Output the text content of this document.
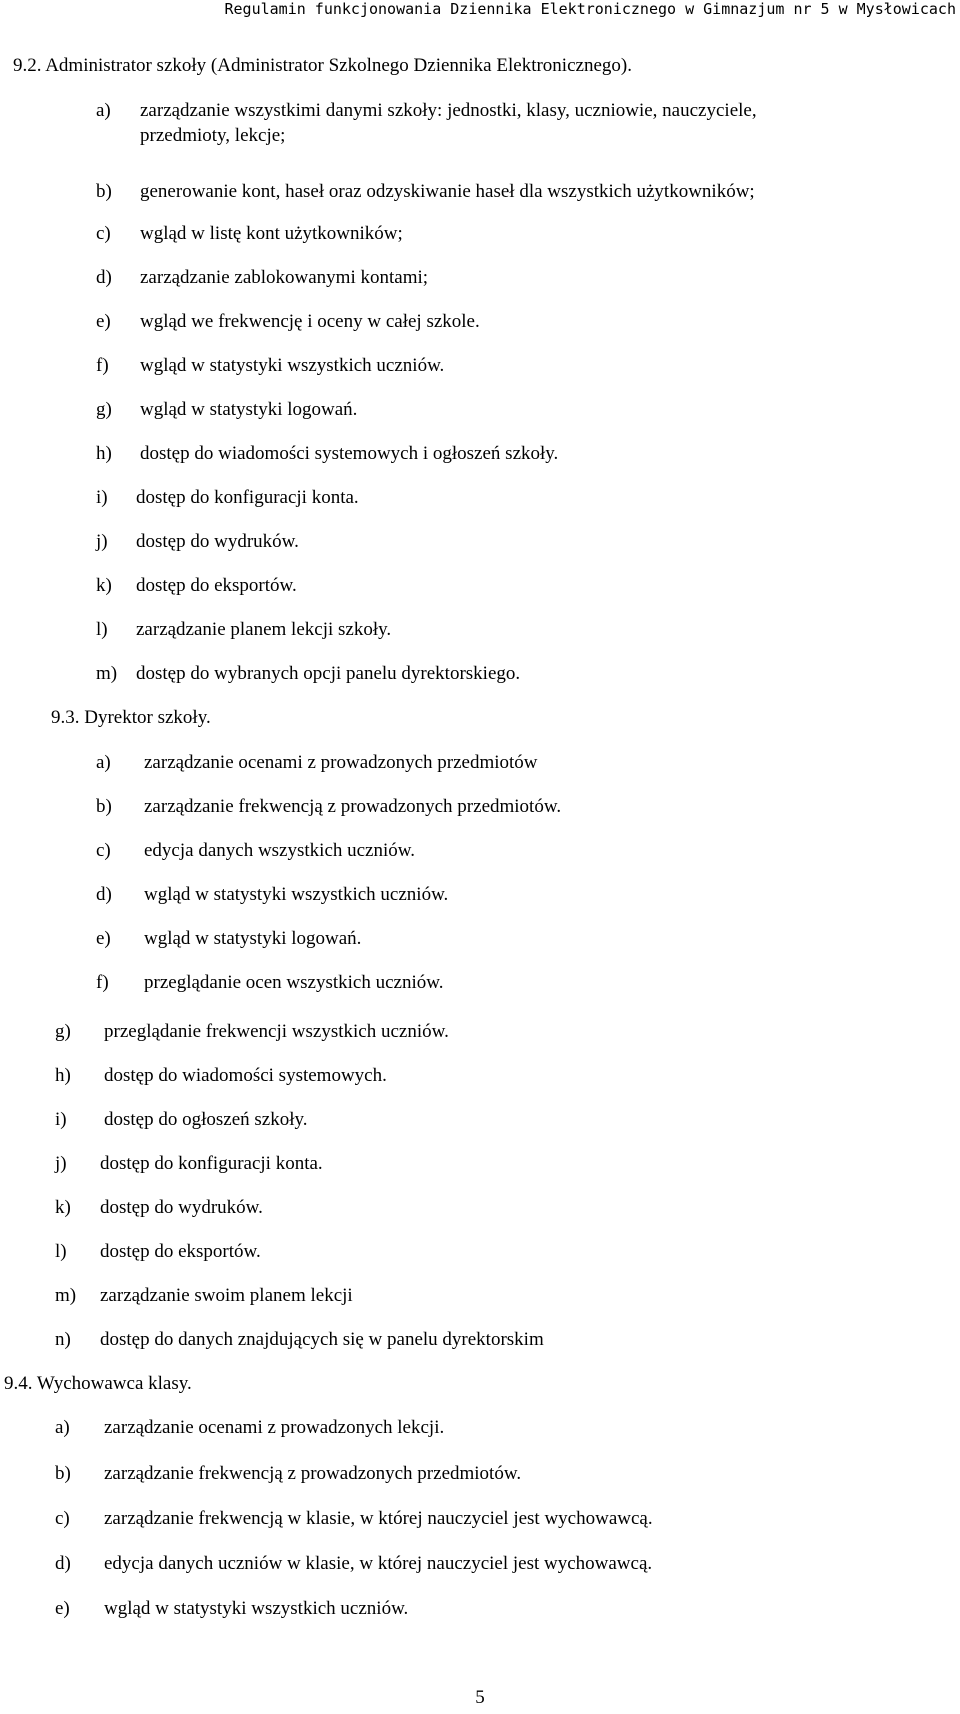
Regulamin funkcjonowania Dziennika Elektronicznego w Gimnazjum nr 5 w Mysłowicach
9.2. Administrator szkoły (Administrator Szkolnego Dziennika Elektronicznego).
a) zarządzanie wszystkimi danymi szkoły: jednostki, klasy, uczniowie, nauczyciele,
przedmioty, lekcje;
b) generowanie kont, haseł oraz odzyskiwanie haseł dla wszystkich użytkowników;
c) wgląd w listę kont użytkowników;
d) zarządzanie zablokowanymi kontami;
e) wgląd we frekwencję i oceny w całej szkole.
f) wgląd w statystyki wszystkich uczniów.
g) wgląd w statystyki logowań.
h) dostęp do wiadomości systemowych i ogłoszeń szkoły.
i) dostęp do konfiguracji konta.
j) dostęp do wydruków.
k) dostęp do eksportów.
l) zarządzanie planem lekcji szkoły.
m) dostęp do wybranych opcji panelu dyrektorskiego.
9.3. Dyrektor szkoły.
a) zarządzanie ocenami z prowadzonych przedmiotów
b) zarządzanie frekwencją z prowadzonych przedmiotów.
c) edycja danych wszystkich uczniów.
d) wgląd w statystyki wszystkich uczniów.
e) wgląd w statystyki logowań.
f) przeglądanie ocen wszystkich uczniów.
g) przeglądanie frekwencji wszystkich uczniów.
h) dostęp do wiadomości systemowych.
i) dostęp do ogłoszeń szkoły.
j) dostęp do konfiguracji konta.
k) dostęp do wydruków.
l) dostęp do eksportów.
m) zarządzanie swoim planem lekcji
n) dostęp do danych znajdujących się w panelu dyrektorskim
9.4. Wychowawca klasy.
a) zarządzanie ocenami z prowadzonych lekcji.
b) zarządzanie frekwencją z prowadzonych przedmiotów.
c) zarządzanie frekwencją w klasie, w której nauczyciel jest wychowawcą.
d) edycja danych uczniów w klasie, w której nauczyciel jest wychowawcą.
e) wgląd w statystyki wszystkich uczniów.
5
